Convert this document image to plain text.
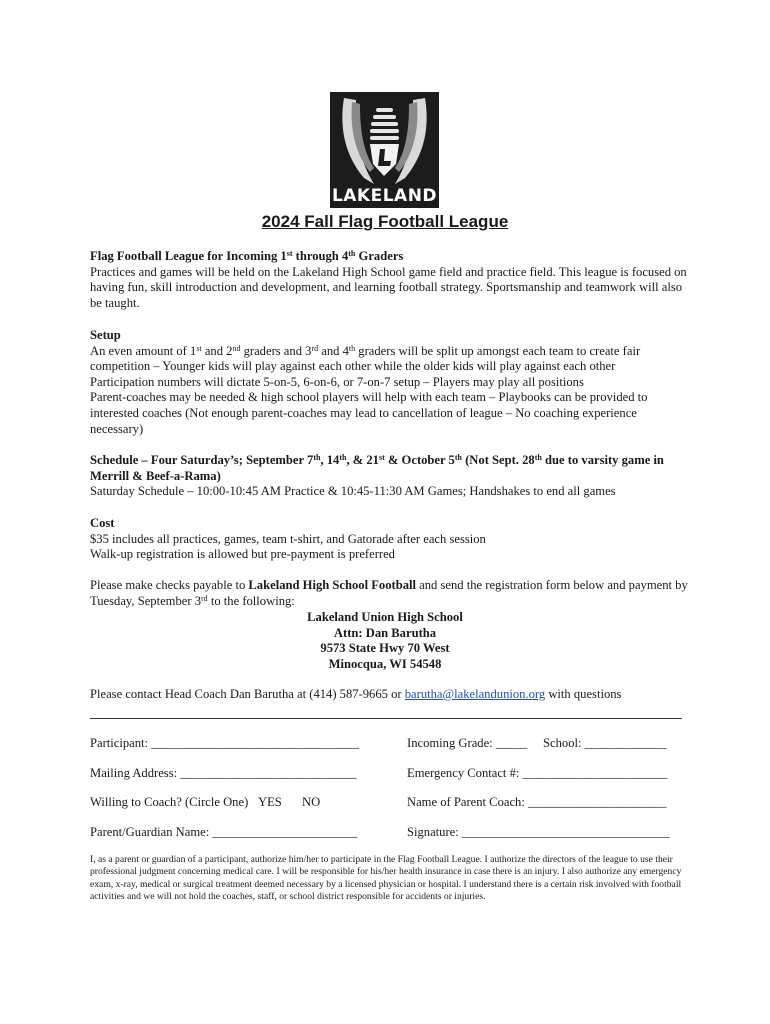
LAKELAND
2024 Fall Flag Football League

Flag Football League for Incoming 1st through 4th Graders
Practices and games will be held on the Lakeland High School game field and practice field. This league is focused on having fun, skill introduction and development, and learning football strategy. Sportsmanship and teamwork will also be taught.

Setup
An even amount of 1st and 2nd graders and 3rd and 4th graders will be split up amongst each team to create fair competition – Younger kids will play against each other while the older kids will play against each other
Participation numbers will dictate 5-on-5, 6-on-6, or 7-on-7 setup – Players may play all positions
Parent-coaches may be needed & high school players will help with each team – Playbooks can be provided to interested coaches (Not enough parent-coaches may lead to cancellation of league – No coaching experience necessary)

Schedule – Four Saturday’s; September 7th, 14th, & 21st & October 5th (Not Sept. 28th due to varsity game in Merrill & Beef-a-Rama)
Saturday Schedule – 10:00-10:45 AM Practice & 10:45-11:30 AM Games; Handshakes to end all games

Cost
$35 includes all practices, games, team t-shirt, and Gatorade after each session
Walk-up registration is allowed but pre-payment is preferred

Please make checks payable to Lakeland High School Football and send the registration form below and payment by Tuesday, September 3rd to the following:

Lakeland Union High School
Attn: Dan Barutha
9573 State Hwy 70 West
Minocqua, WI 54548

Please contact Head Coach Dan Barutha at (414) 587-9665 or barutha@lakelandunion.org with questions

Participant: _________________________________	Incoming Grade: _____ School: _____________
Mailing Address: ____________________________	Emergency Contact #: _______________________
Willing to Coach? (Circle One) YES NO	Name of Parent Coach: ______________________
Parent/Guardian Name: _______________________	Signature: _________________________________

I, as a parent or guardian of a participant, authorize him/her to participate in the Flag Football League. I authorize the directors of the league to use their professional judgment concerning medical care. I will be responsible for his/her health insurance in case there is an injury. I also authorize any emergency exam, x-ray, medical or surgical treatment deemed necessary by a licensed physician or hospital. I understand there is a certain risk involved with football activities and we will not hold the coaches, staff, or school district responsible for accidents or injuries.
